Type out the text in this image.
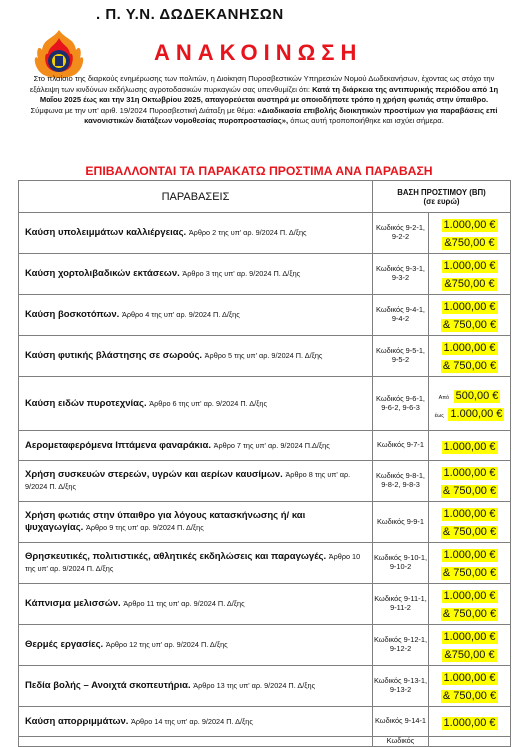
. Π. Υ.Ν. ΔΩΔΕΚΑΝΗΣΩΝ
ΑΝΑΚΟΙΝΩΣΗ
Στο πλαίσιο της διαρκούς ενημέρωσης των πολιτών, η Διοίκηση Πυροσβεστικών Υπηρεσιών Νομού Δωδεκανήσων, έχοντας ως στόχο την εξάλειψη των κινδύνων εκδήλωσης αγροτοδασικών πυρκαγιών σας υπενθυμίζει ότι: Κατά τη διάρκεια της αντιπυρικής περιόδου από 1η Μαΐου 2025 έως και την 31η Οκτωβρίου 2025, απαγορεύεται αυστηρά με οποιοδήποτε τρόπο η χρήση φωτιάς στην ύπαιθρο.
Σύμφωνα με την υπ' αριθ. 19/2024 Πυροσβεστική Διάταξη με θέμα: «Διαδικασία επιβολής διοικητικών προστίμων για παραβάσεις επί κανονιστικών διατάξεων νομοθεσίας πυροπροστασίας», όπως αυτή τροποποιήθηκε και ισχύει σήμερα.
ΕΠΙΒΑΛΛΟΝΤΑΙ ΤΑ ΠΑΡΑΚΑΤΩ ΠΡΟΣΤΙΜΑ ΑΝΑ ΠΑΡΑΒΑΣΗ
ΠΑΡΑΒΑΣΕΙΣ	ΒΑΣΗ ΠΡΟΣΤΙΜΟΥ (ΒΠ)
(σε ευρώ)	

Καύση υπολειμμάτων καλλιέργειας. Άρθρο 2 της υπ' αρ. 9/2024 Π. Δ/ξης	Κωδικός 9-2-1, 9-2-2	1.000,00 €
&750,00 €

Καύση χορτολιβαδικών εκτάσεων. Άρθρο 3 της υπ' αρ. 9/2024 Π. Δ/ξης	Κωδικός 9-3-1, 9-3-2	1.000,00 €
&750,00 €

Καύση βοσκοτόπων. Άρθρο 4 της υπ' αρ. 9/2024 Π. Δ/ξης	Κωδικός 9-4-1, 9-4-2	1.000,00 €
& 750,00 €

Καύση φυτικής βλάστησης σε σωρούς. Άρθρο 5 της υπ' αρ. 9/2024 Π. Δ/ξης	Κωδικός 9-5-1, 9-5-2	1.000,00 €
& 750,00 €

Καύση ειδών πυροτεχνίας. Άρθρο 6 της υπ' αρ. 9/2024 Π. Δ/ξης	Κωδικός 9-6-1, 9-6-2, 9-6-3	Από 500,00 €
έως 1.000,00 €

Αερομεταφερόμενα Ιπτάμενα φαναράκια. Άρθρο 7 της υπ' αρ. 9/2024 Π.Δ/ξης	Κωδικός 9-7-1	1.000,00 €

Χρήση συσκευών στερεών, υγρών και αερίων καυσίμων. Άρθρο 8 της υπ' αρ. 9/2024 Π. Δ/ξης	Κωδικός 9-8-1, 9-8-2, 9-8-3	1.000,00 €
& 750,00 €

Χρήση φωτιάς στην ύπαιθρο για λόγους κατασκήνωσης ή/ και ψυχαγωγίας. Άρθρο 9 της υπ' αρ. 9/2024 Π. Δ/ξης	Κωδικός 9-9-1	1.000,00 €
& 750,00 €

Θρησκευτικές, πολιτιστικές, αθλητικές εκδηλώσεις και παραγωγές. Άρθρο 10 της υπ' αρ. 9/2024 Π. Δ/ξης	Κωδικός 9-10-1, 9-10-2	1.000,00 €
& 750,00 €

Κάπνισμα μελισσών. Άρθρο 11 της υπ' αρ. 9/2024 Π. Δ/ξης	Κωδικός 9-11-1, 9-11-2	1.000,00 €
& 750,00 €

Θερμές εργασίες. Άρθρο 12 της υπ' αρ. 9/2024 Π. Δ/ξης	Κωδικός 9-12-1, 9-12-2	1.000,00 €
&750,00 €

Πεδία βολής – Ανοιχτά σκοπευτήρια. Άρθρο 13 της υπ' αρ. 9/2024 Π. Δ/ξης	Κωδικός 9-13-1, 9-13-2	1.000,00 €
& 750,00 €

Καύση απορριμμάτων. Άρθρο 14 της υπ' αρ. 9/2024 Π. Δ/ξης	Κωδικός 9-14-1	1.000,00 €

	Κωδικός	
